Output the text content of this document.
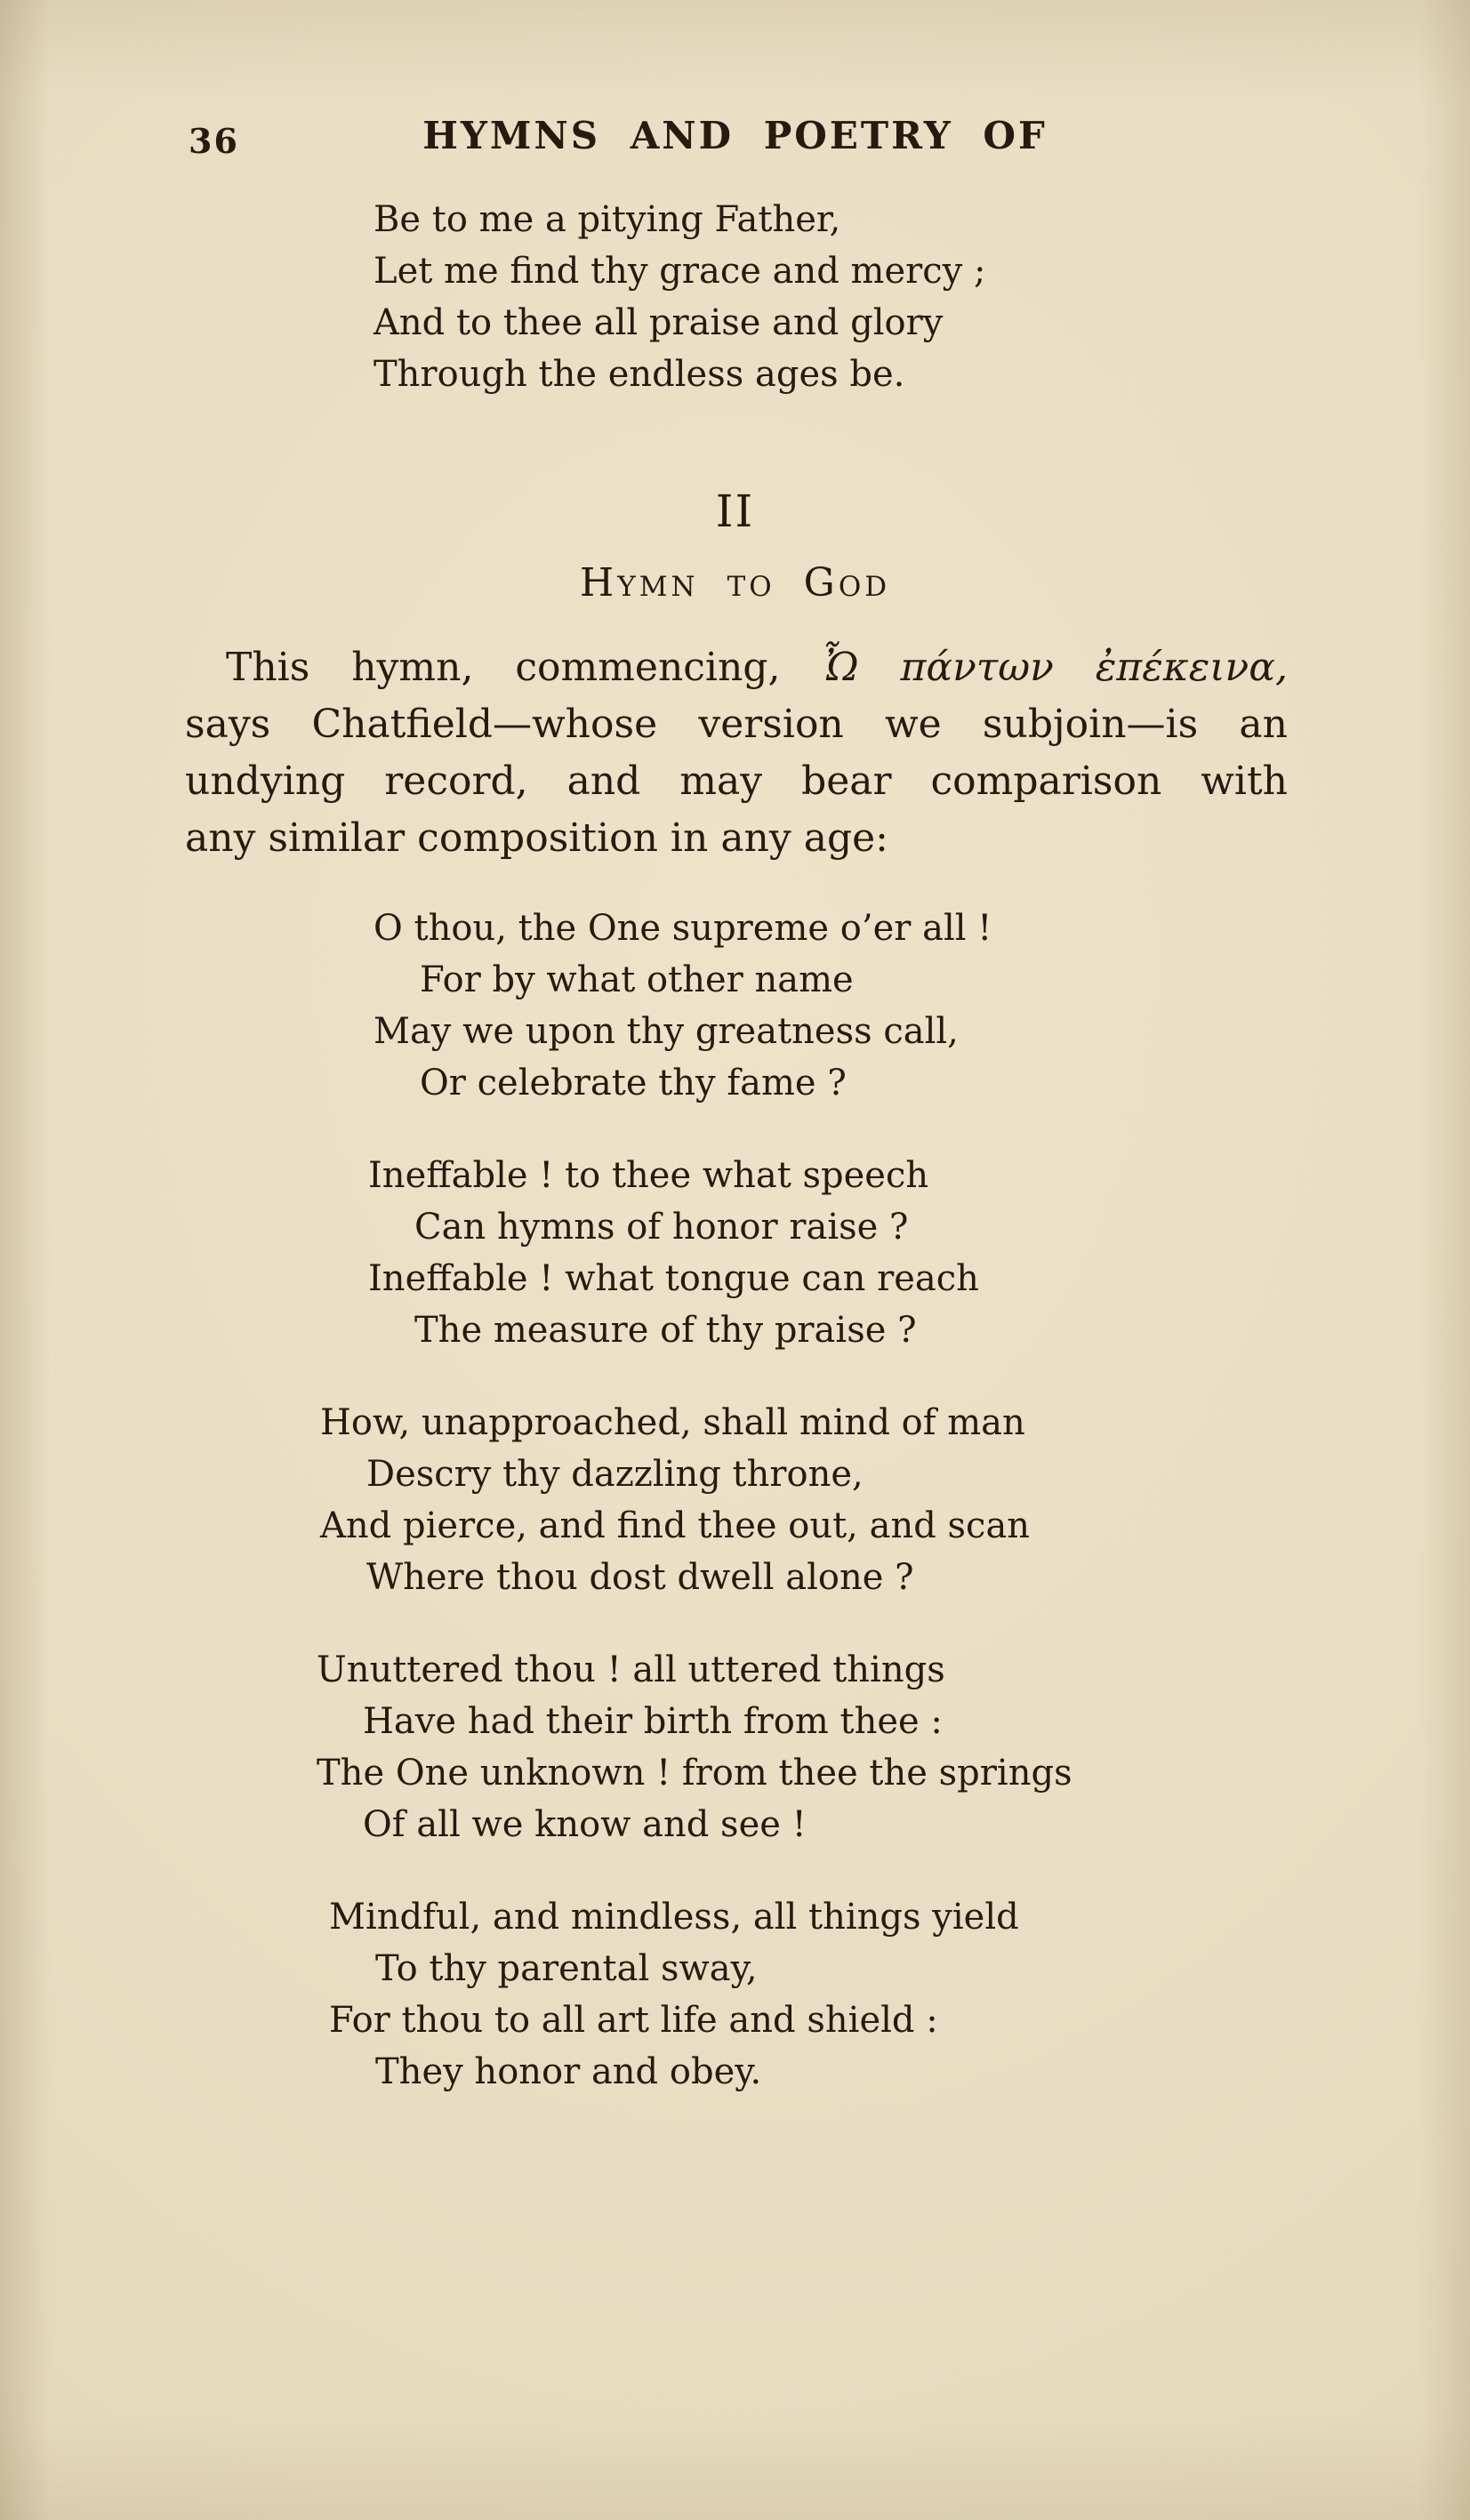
36	HYMNS AND POETRY OF
Be to me a pitying Father,
Let me find thy grace and mercy ;
And to thee all praise and glory
Through the endless ages be.
II
Hymn to God

This hymn, commencing, Ὦ πάντων ἐπέκεινα,
says Chatfield—whose version we subjoin—is an
undying record, and may bear comparison with
any similar composition in any age:

O thou, the One supreme o’er all !
For by what other name
May we upon thy greatness call,
Or celebrate thy fame ?
Ineffable ! to thee what speech
Can hymns of honor raise ?
Ineffable ! what tongue can reach
The measure of thy praise ?
How, unapproached, shall mind of man
Descry thy dazzling throne,
And pierce, and find thee out, and scan
Where thou dost dwell alone ?
Unuttered thou ! all uttered things
Have had their birth from thee :
The One unknown ! from thee the springs
Of all we know and see !
Mindful, and mindless, all things yield
To thy parental sway,
For thou to all art life and shield :
They honor and obey.
